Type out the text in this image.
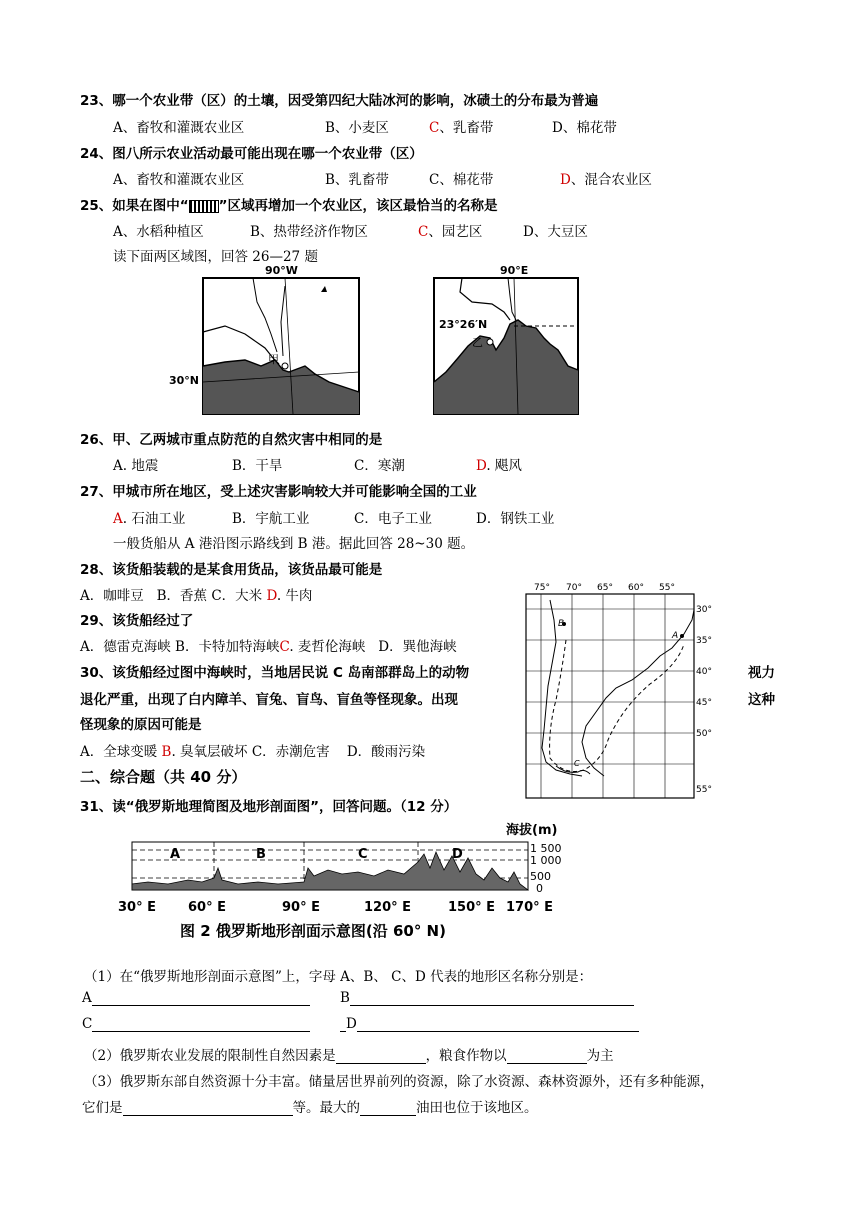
23、哪一个农业带（区）的土壤，因受第四纪大陆冰河的影响，冰碛土的分布最为普遍
A、畜牧和灌溉农业区	B、小麦区	C、乳畜带	D、棉花带
24、图八所示农业活动最可能出现在哪一个农业带（区）
A、畜牧和灌溉农业区	B、乳畜带	C、棉花带	D、混合农业区
25、如果在图中“ ”区域再增加一个农业区，该区最恰当的名称是
A、水稻种植区	B、热带经济作物区	C、园艺区	D、大豆区
读下面两区域图，回答 26—27 题
90°W
甲
30°N
90°E
23°26′N
乙
26、甲、乙两城市重点防范的自然灾害中相同的是
A. 地震	B．干旱	C．寒潮	D. 飓风
27、甲城市所在地区，受上述灾害影响较大并可能影响全国的工业
A. 石油工业	B．宇航工业	C．电子工业	D．钢铁工业
一般货船从 A 港沿图示路线到 B 港。据此回答 28~30 题。
28、该货船装载的是某食用货品，该货品最可能是
A．咖啡豆 B．香蕉 C．大米 D. 牛肉
29、该货船经过了
A．德雷克海峡 B．卡特加特海峡C. 麦哲伦海峡 D．巽他海峡
30、该货船经过图中海峡时，当地居民说 C 岛南部群岛上的动物	视力
退化严重，出现了白内障羊、盲兔、盲鸟、盲鱼等怪现象。出现	这种
怪现象的原因可能是
A．全球变暖 B. 臭氧层破坏 C．赤潮危害 D．酸雨污染
75° 70° 65° 60° 55°
30°
35°
40°
45°
50°
55°
B
A
C
二、综合题（共 40 分）
31、读“俄罗斯地理简图及地形剖面图”，回答问题。（12 分）
海拔(m)
A	B	C	D	1 500
1 000
500
0
30° E 60° E	90° E	120° E	150° E 170° E
图 2 俄罗斯地形剖面示意图(沿 60° N)
（1）在“俄罗斯地形剖面示意图”上，字母 A、B、 C、D 代表的地形区名称分别是：
A	B
C	D
（2）俄罗斯农业发展的限制性自然因素是	，粮食作物以	为主
（3）俄罗斯东部自然资源十分丰富。储量居世界前列的资源，除了水资源、森林资源外，还有多种能源，
它们是	等。最大的	油田也位于该地区。
